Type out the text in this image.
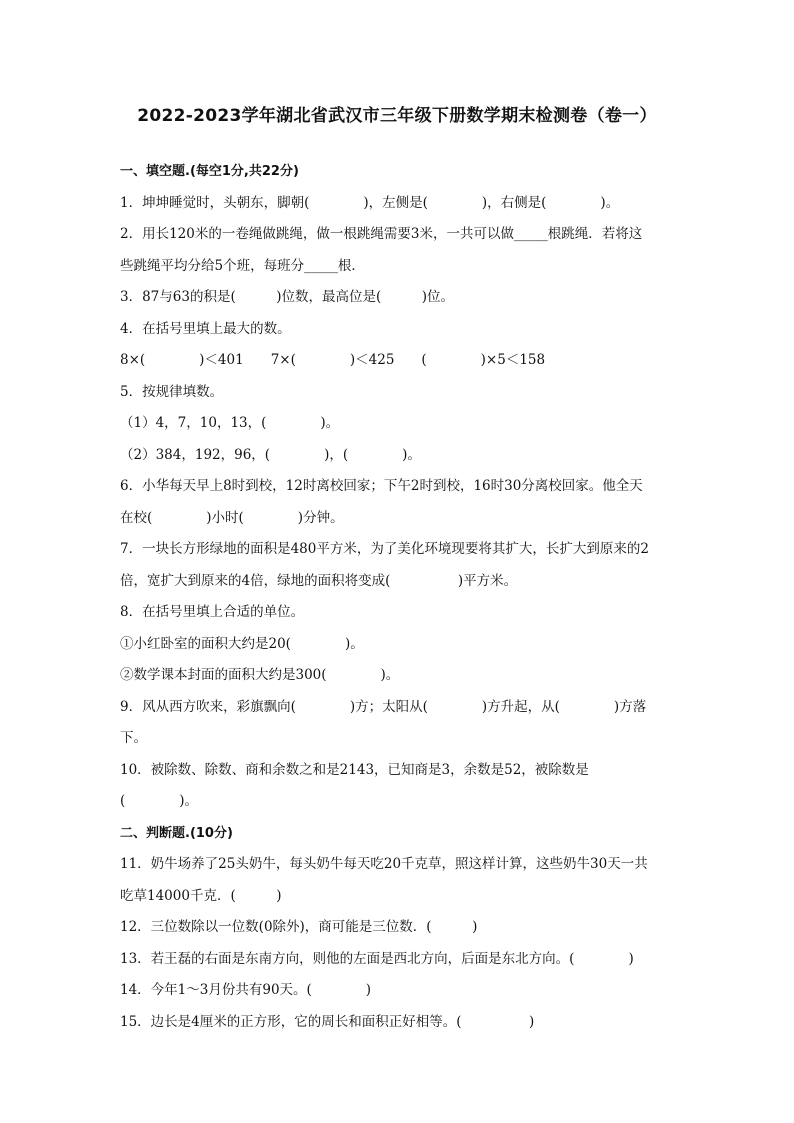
2022-2023学年湖北省武汉市三年级下册数学期末检测卷（卷一）
一、填空题.(每空1分,共22分)
1．坤坤睡觉时，头朝东，脚朝(　　　　)，左侧是(　　　　)，右侧是(　　　　)。
2．用长120米的一卷绳做跳绳，做一根跳绳需要3米，一共可以做_____根跳绳．若将这
些跳绳平均分给5个班，每班分_____根．
3．87与63的积是(　　　)位数，最高位是(　　　)位。
4．在括号里填上最大的数。
8×(　　　　)＜401　　7×(　　　　)＜425　　(　　　　)×5＜158
5．按规律填数。
（1）4，7，10，13，(　　　　)。
（2）384，192，96，(　　　　)，(　　　　)。
6．小华每天早上8时到校，12时离校回家；下午2时到校，16时30分离校回家。他全天
在校(　　　　)小时(　　　　)分钟。
7．一块长方形绿地的面积是480平方米，为了美化环境现要将其扩大，长扩大到原来的2
倍，宽扩大到原来的4倍，绿地的面积将变成(　　　　　)平方米。
8．在括号里填上合适的单位。
①小红卧室的面积大约是20(　　　　)。
②数学课本封面的面积大约是300(　　　　)。
9．风从西方吹来，彩旗飘向(　　　　)方；太阳从(　　　　)方升起，从(　　　　)方落
下。
10．被除数、除数、商和余数之和是2143，已知商是3，余数是52，被除数是
(　　　　)。
二、判断题.(10分)
11．奶牛场养了25头奶牛，每头奶牛每天吃20千克草，照这样计算，这些奶牛30天一共
吃草14000千克．(　　　)
12．三位数除以一位数(0除外)，商可能是三位数．(　　　)
13．若王磊的右面是东南方向，则他的左面是西北方向，后面是东北方向。(　　　　)
14．今年1～3月份共有90天。(　　　　)
15．边长是4厘米的正方形，它的周长和面积正好相等。(　　　　　)
